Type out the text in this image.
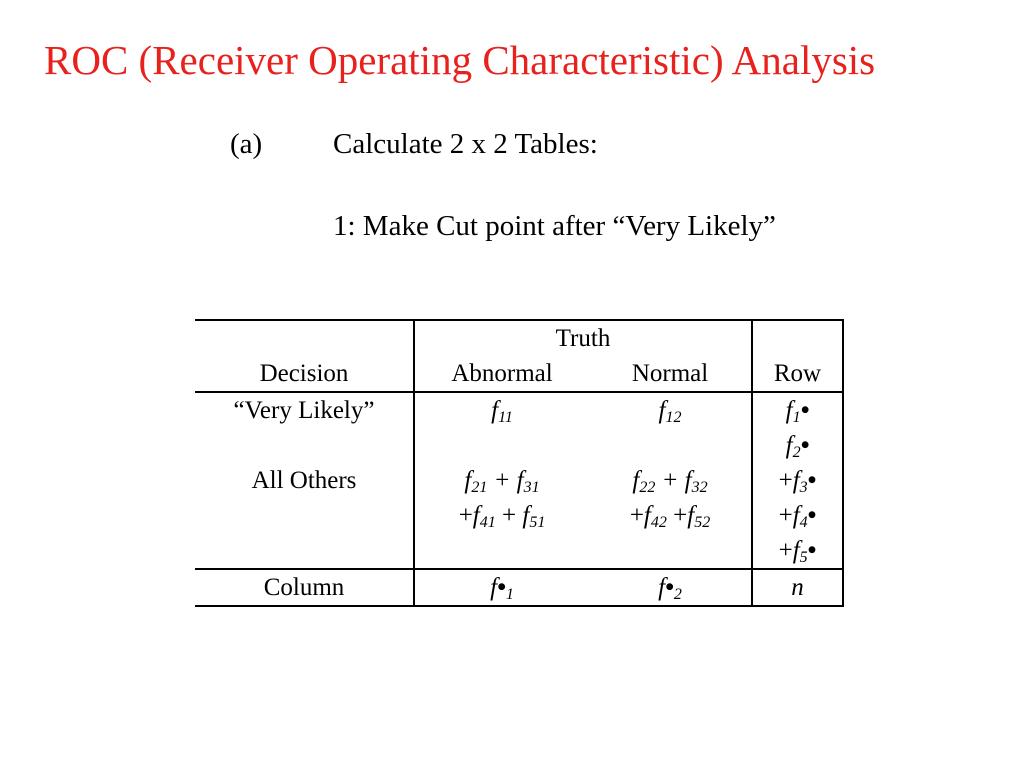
ROC (Receiver Operating Characteristic) Analysis
(a) Calculate 2 x 2 Tables:
1: Make Cut point after “Very Likely”
	Truth		
Decision	Abnormal	Normal	Row
“Very Likely”	$f_{11}$	$f_{12}$	$f_1•$
			$f_2•$
All Others	$f_{21} + f_{31}$	$f_{22} + f_{32}$	$+f_3•$
	$+f_{41} + f_{51}$	$+f_{42} +f_{52}$	$+f_4•$
			$+f_5•$
Column	$f•_1$	$f•_2$	n
